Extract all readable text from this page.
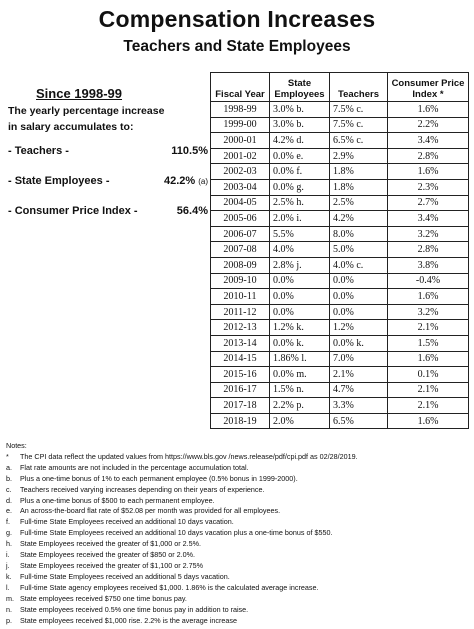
Compensation Increases
Teachers and State Employees
Since 1998-99
The yearly percentage increase
in salary accumulates to:
- Teachers -	110.5%
- State Employees -	42.2% (a)
- Consumer Price Index -	56.4%
Fiscal Year	State Employees	Teachers	Consumer Price Index *
1998-99	3.0% b.	7.5% c.	1.6%
1999-00	3.0% b.	7.5% c.	2.2%
2000-01	4.2% d.	6.5% c.	3.4%
2001-02	0.0% e.	2.9%	2.8%
2002-03	0.0% f.	1.8%	1.6%
2003-04	0.0% g.	1.8%	2.3%
2004-05	2.5% h.	2.5%	2.7%
2005-06	2.0% i.	4.2%	3.4%
2006-07	5.5%	8.0%	3.2%
2007-08	4.0%	5.0%	2.8%
2008-09	2.8% j.	4.0% c.	3.8%
2009-10	0.0%	0.0%	-0.4%
2010-11	0.0%	0.0%	1.6%
2011-12	0.0%	0.0%	3.2%
2012-13	1.2% k.	1.2%	2.1%
2013-14	0.0% k.	0.0% k.	1.5%
2014-15	1.86% l.	7.0%	1.6%
2015-16	0.0% m.	2.1%	0.1%
2016-17	1.5% n.	4.7%	2.1%
2017-18	2.2% p.	3.3%	2.1%
2018-19	2.0%	6.5%	1.6%
Notes:
* The CPI data reflect the updated values from https://www.bls.gov /news.release/pdf/cpi.pdf as 02/28/2019.
a. Flat rate amounts are not included in the percentage accumulation total.
b. Plus a one-time bonus of 1% to each permanent employee (0.5% bonus in 1999-2000).
c. Teachers received varying increases depending on their years of experience.
d. Plus a one-time bonus of $500 to each permanent employee.
e. An across-the-board flat rate of $52.08 per month was provided for all employees.
f. Full-time State Employees received an additional 10 days vacation.
g. Full-time State Employees received an additional 10 days vacation plus a one-time bonus of $550.
h. State Employees received the greater of $1,000 or 2.5%.
i. State Employees received the greater of $850 or 2.0%.
j. State Employees received the greater of $1,100 or 2.75%
k. Full-time State Employees received an additional 5 days vacation.
l. Full-time State agency employees received $1,000. 1.86% is the calculated average increase.
m. State employees received $750 one time bonus pay.
n. State employees received 0.5% one time bonus pay in addition to raise.
p. State employees received $1,000 rise. 2.2% is the average increase
